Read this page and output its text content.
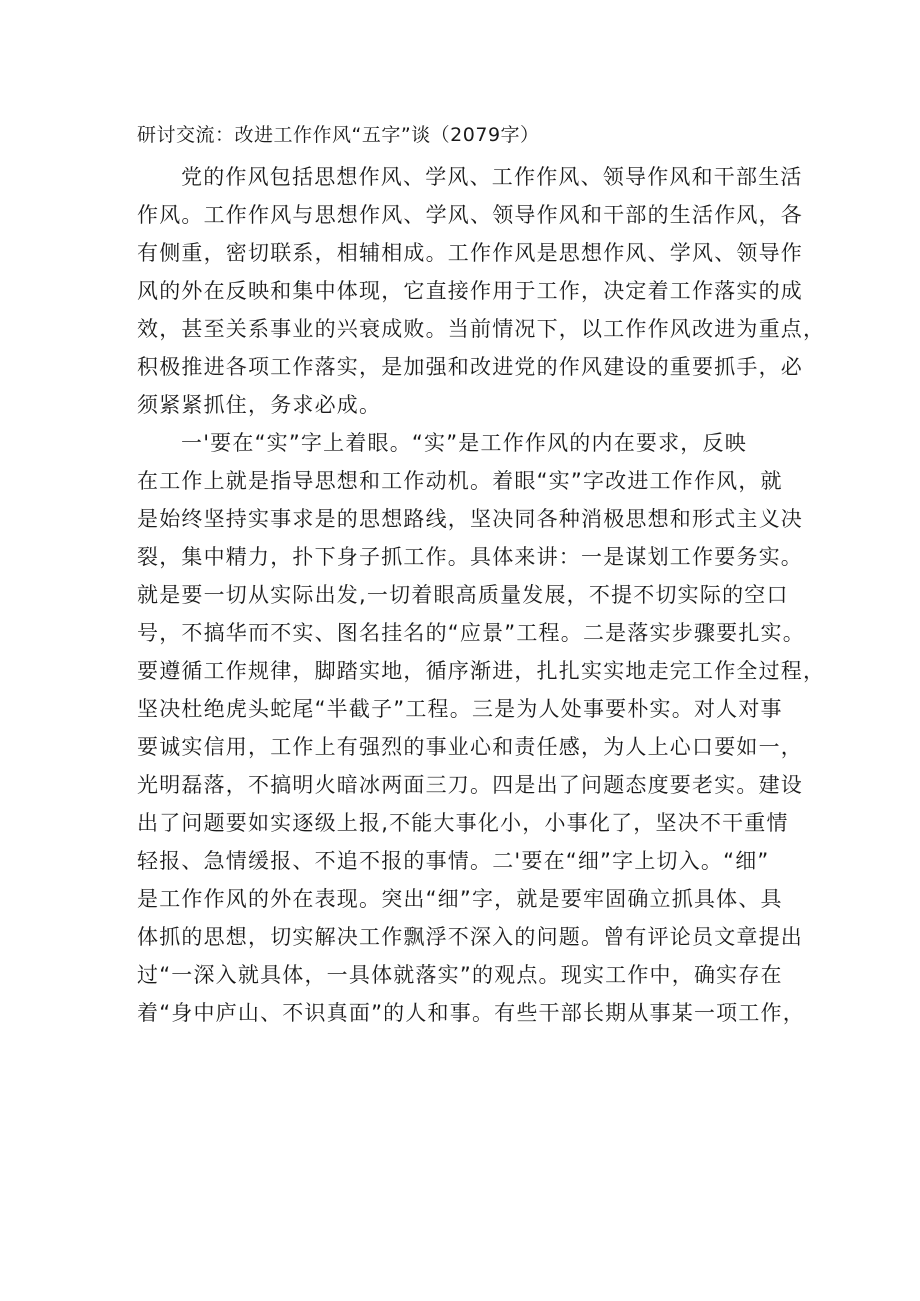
研讨交流：改进工作作风“五字”谈（2079字）
党的作风包括思想作风、学风、工作作风、领导作风和干部生活
作风。工作作风与思想作风、学风、领导作风和干部的生活作风，各
有侧重，密切联系，相辅相成。工作作风是思想作风、学风、领导作
风的外在反映和集中体现，它直接作用于工作，决定着工作落实的成
效，甚至关系事业的兴衰成败。当前情况下，以工作作风改进为重点，
积极推进各项工作落实，是加强和改进党的作风建设的重要抓手，必
须紧紧抓住，务求必成。
一'要在“实”字上着眼。“实”是工作作风的内在要求，反映
在工作上就是指导思想和工作动机。着眼“实”字改进工作作风，就
是始终坚持实事求是的思想路线，坚决同各种消极思想和形式主义决
裂，集中精力，扑下身子抓工作。具体来讲：一是谋划工作要务实。
就是要一切从实际出发,一切着眼高质量发展，不提不切实际的空口
号，不搞华而不实、图名挂名的“应景”工程。二是落实步骤要扎实。
要遵循工作规律，脚踏实地，循序渐进，扎扎实实地走完工作全过程，
坚决杜绝虎头蛇尾“半截子”工程。三是为人处事要朴实。对人对事
要诚实信用，工作上有强烈的事业心和责任感，为人上心口要如一，
光明磊落，不搞明火暗冰两面三刀。四是出了问题态度要老实。建设
出了问题要如实逐级上报,不能大事化小，小事化了，坚决不干重情
轻报、急情缓报、不追不报的事情。二'要在“细”字上切入。“细”
是工作作风的外在表现。突出“细”字，就是要牢固确立抓具体、具
体抓的思想，切实解决工作飘浮不深入的问题。曾有评论员文章提出
过“一深入就具体，一具体就落实”的观点。现实工作中，确实存在
着“身中庐山、不识真面”的人和事。有些干部长期从事某一项工作，
